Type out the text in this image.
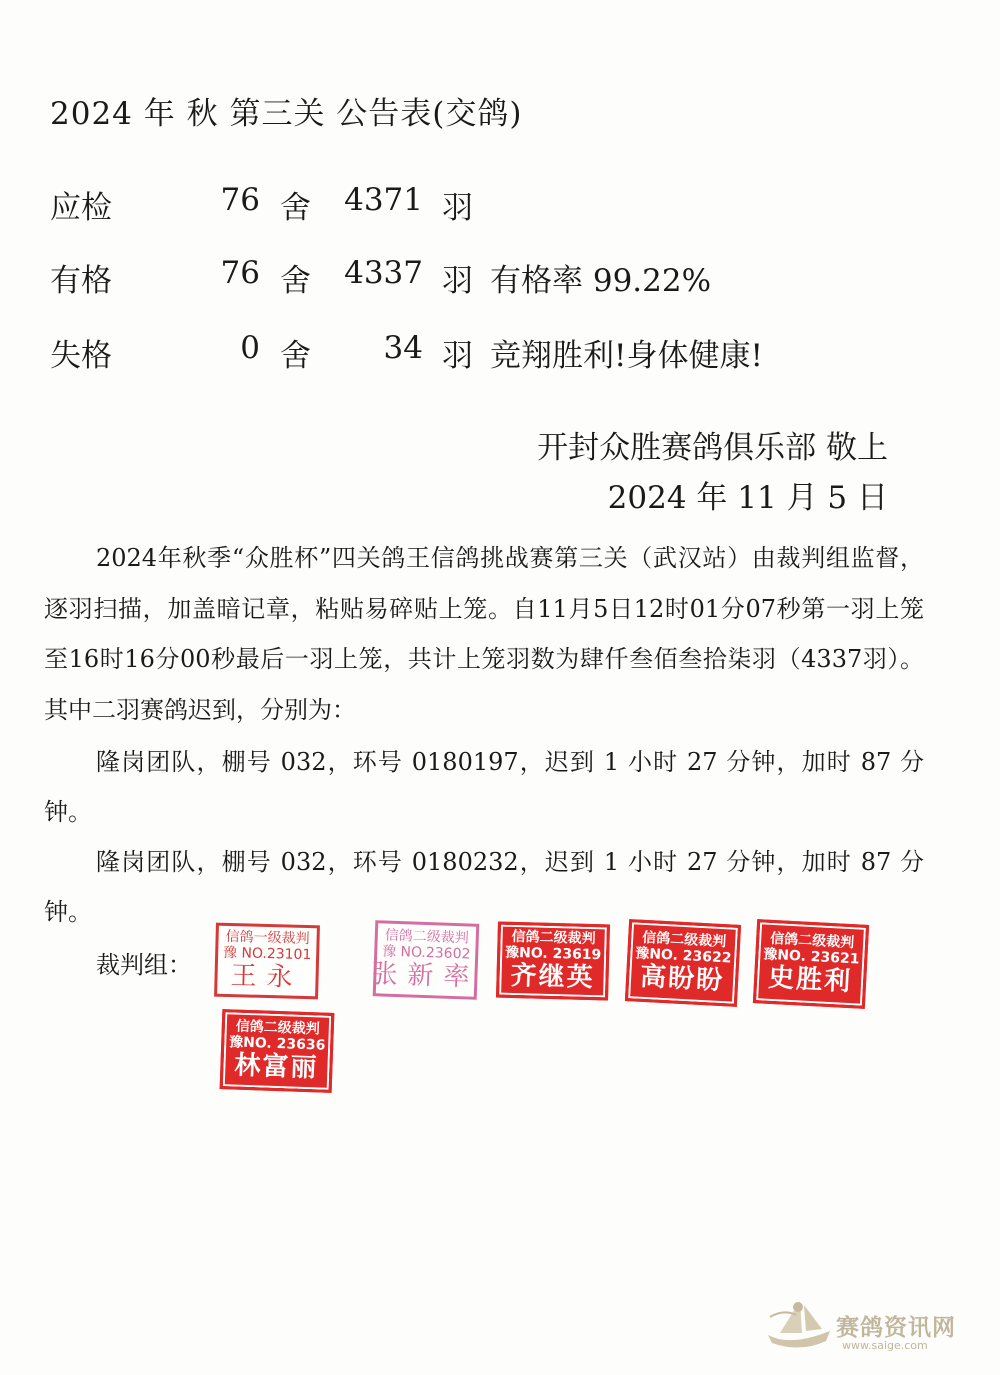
2024 年 秋 第三关 公告表(交鸽)
应检	76 舍	4371 羽
有格	76 舍	4337 羽 有格率 99.22%
失格	0 舍	34 羽 竞翔胜利!身体健康!
开封众胜赛鸽俱乐部 敬上
2024 年 11 月 5 日
2024年秋季“众胜杯”四关鸽王信鸽挑战赛第三关（武汉站）由裁判组监督，逐羽扫描，加盖暗记章，粘贴易碎贴上笼。自11月5日12时01分07秒第一羽上笼至16时16分00秒最后一羽上笼，共计上笼羽数为肆仟叁佰叁拾柒羽（4337羽）。其中二羽赛鸽迟到，分别为：
隆岗团队，棚号 032，环号 0180197，迟到 1 小时 27 分钟，加时 87 分钟。
隆岗团队，棚号 032，环号 0180232，迟到 1 小时 27 分钟，加时 87 分钟。
裁判组：
信鸽一级裁判
豫 NO.23101
王永
信鸽二级裁判
豫 NO.23602
张新率
信鸽二级裁判
豫NO. 23619
齐继英
信鸽二级裁判
豫NO. 23622
高盼盼
信鸽二级裁判
豫NO. 23621
史胜利
信鸽二级裁判
豫NO. 23636
林富丽
赛鸽资讯网
www.saige.com
